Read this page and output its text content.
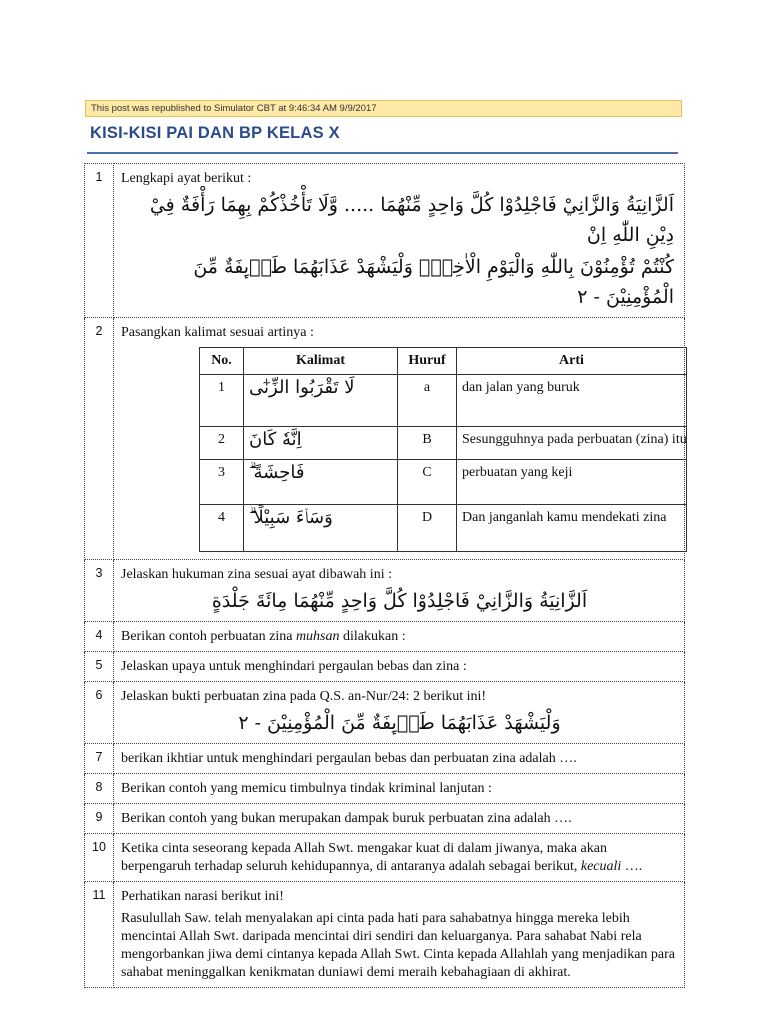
This post was republished to Simulator CBT at 9:46:34 AM 9/9/2017
KISI-KISI PAI DAN BP KELAS X
1	Lengkapi ayat berikut :

اَلزَّانِيَةُ وَالزَّانِيْ فَاجْلِدُوْا كُلَّ وَاحِدٍ مِّنْهُمَا ..... وَّلَا تَأْخُذْكُمْ بِهِمَا رَأْفَةٌ فِيْ دِيْنِ اللّٰهِ اِنْ
كُنْتُمْ تُؤْمِنُوْنَ بِاللّٰهِ وَالْيَوْمِ الْاٰخِرِۚ وَلْيَشْهَدْ عَذَابَهُمَا طَاۤىِٕفَةٌ مِّنَ الْمُؤْمِنِيْنَ - ٢

2	Pasangkan kalimat sesuai artinya :

No.	Kalimat	Huruf	Arti
1	لَا تَقْرَبُوا الزِّنٰٓى	a	dan jalan yang buruk
2	اِنَّهٗ كَانَ	B	Sesungguhnya pada perbuatan (zina) itu
3	فَاحِشَةً ۗ	C	perbuatan yang keji
4	وَسَاۤءَ سَبِيْلًا ۗ	D	Dan janganlah kamu mendekati zina

3	Jelaskan hukuman zina sesuai ayat dibawah ini :

اَلزَّانِيَةُ وَالزَّانِيْ فَاجْلِدُوْا كُلَّ وَاحِدٍ مِّنْهُمَا مِائَةَ جَلْدَةٍ

4	Berikan contoh perbuatan zina muhsan dilakukan :
5	Jelaskan upaya untuk menghindari pergaulan bebas dan zina :
6	Jelaskan bukti perbuatan zina pada Q.S. an-Nur/24: 2 berikut ini!

وَلْيَشْهَدْ عَذَابَهُمَا طَاۤىِٕفَةٌ مِّنَ الْمُؤْمِنِيْنَ - ٢

7	berikan ikhtiar untuk menghindari pergaulan bebas dan perbuatan zina adalah ….
8	Berikan contoh yang memicu timbulnya tindak kriminal lanjutan :
9	Berikan contoh yang bukan merupakan dampak buruk perbuatan zina adalah ….
10	Ketika cinta seseorang kepada Allah Swt. mengakar kuat di dalam jiwanya, maka akan berpengaruh terhadap seluruh kehidupannya, di antaranya adalah sebagai berikut, kecuali ….
11	Perhatikan narasi berikut ini!

Rasulullah Saw. telah menyalakan api cinta pada hati para sahabatnya hingga mereka lebih mencintai Allah Swt. daripada mencintai diri sendiri dan keluarganya. Para sahabat Nabi rela mengorbankan jiwa demi cintanya kepada Allah Swt. Cinta kepada Allahlah yang menjadikan para sahabat meninggalkan kenikmatan duniawi demi meraih kebahagiaan di akhirat.
